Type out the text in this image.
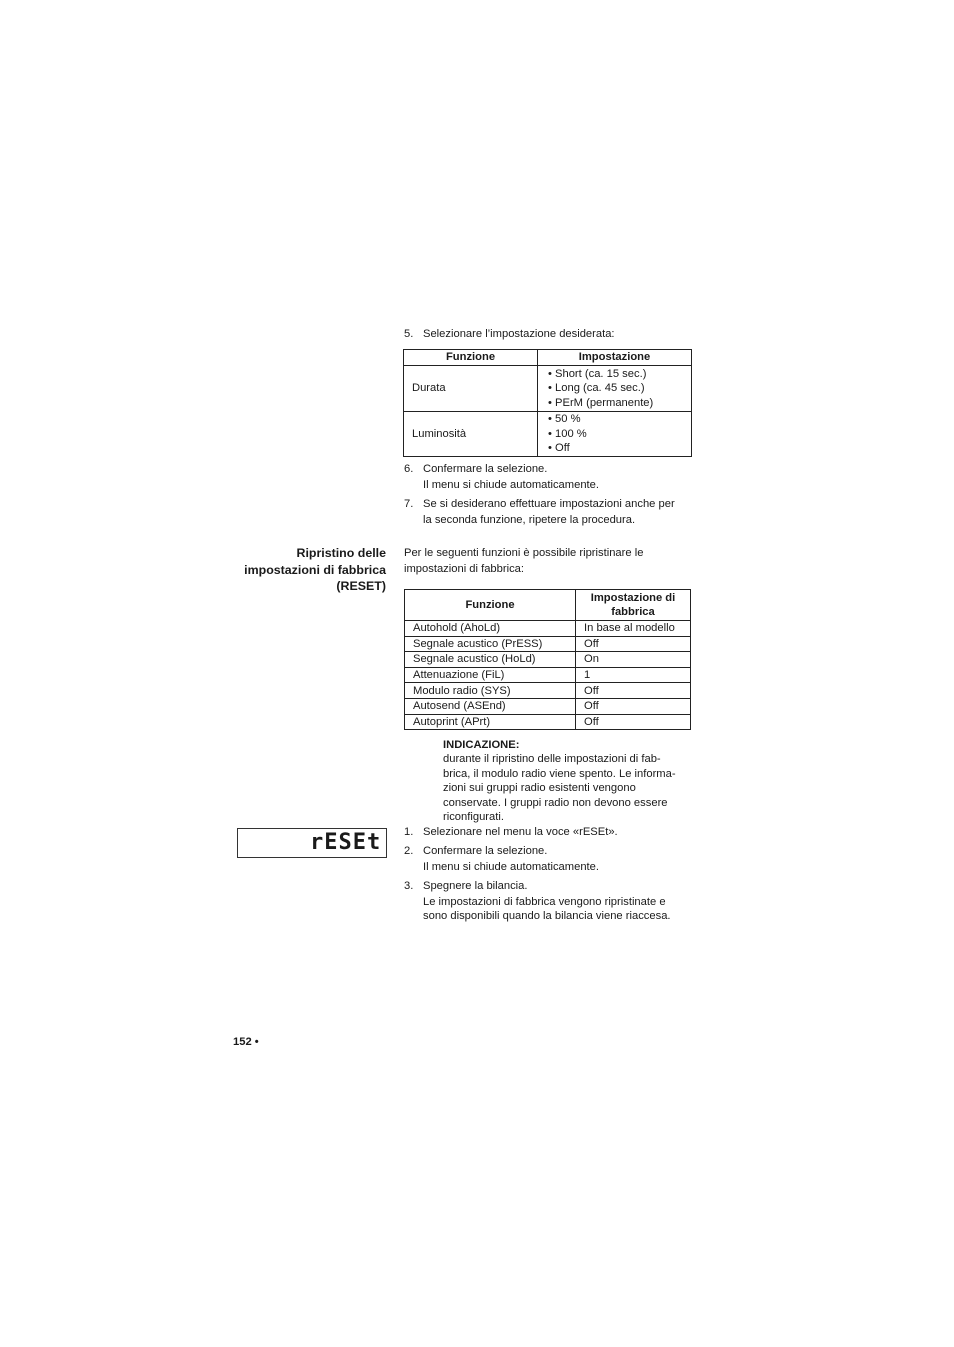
5. Selezionare l’impostazione desiderata:
Funzione	Impostazione
Durata	• Short (ca. 15 sec.)
• Long (ca. 45 sec.)
• PErM (permanente)

Luminosità	• 50 %
• 100 %
• Off
6. Confermare la selezione.
Il menu si chiude automaticamente.
7. Se si desiderano effettuare impostazioni anche per
la seconda funzione, ripetere la procedura.
Ripristino delle
impostazioni di fabbrica
(RESET)
Per le seguenti funzioni è possibile ripristinare le
impostazioni di fabbrica:
Funzione	Impostazione di fabbrica
Autohold (AhoLd)	In base al modello
Segnale acustico (PrESS)	Off
Segnale acustico (HoLd)	On
Attenuazione (FiL)	1
Modulo radio (SYS)	Off
Autosend (ASEnd)	Off
Autoprint (APrt)	Off
INDICAZIONE:
durante il ripristino delle impostazioni di fab-
brica, il modulo radio viene spento. Le informa-
zioni sui gruppi radio esistenti vengono
conservate. I gruppi radio non devono essere
riconfigurati.
rESEt 1. Selezionare nel menu la voce «rESEt».
2. Confermare la selezione.
Il menu si chiude automaticamente.
3. Spegnere la bilancia.
Le impostazioni di fabbrica vengono ripristinate e
sono disponibili quando la bilancia viene riaccesa.
152 •
